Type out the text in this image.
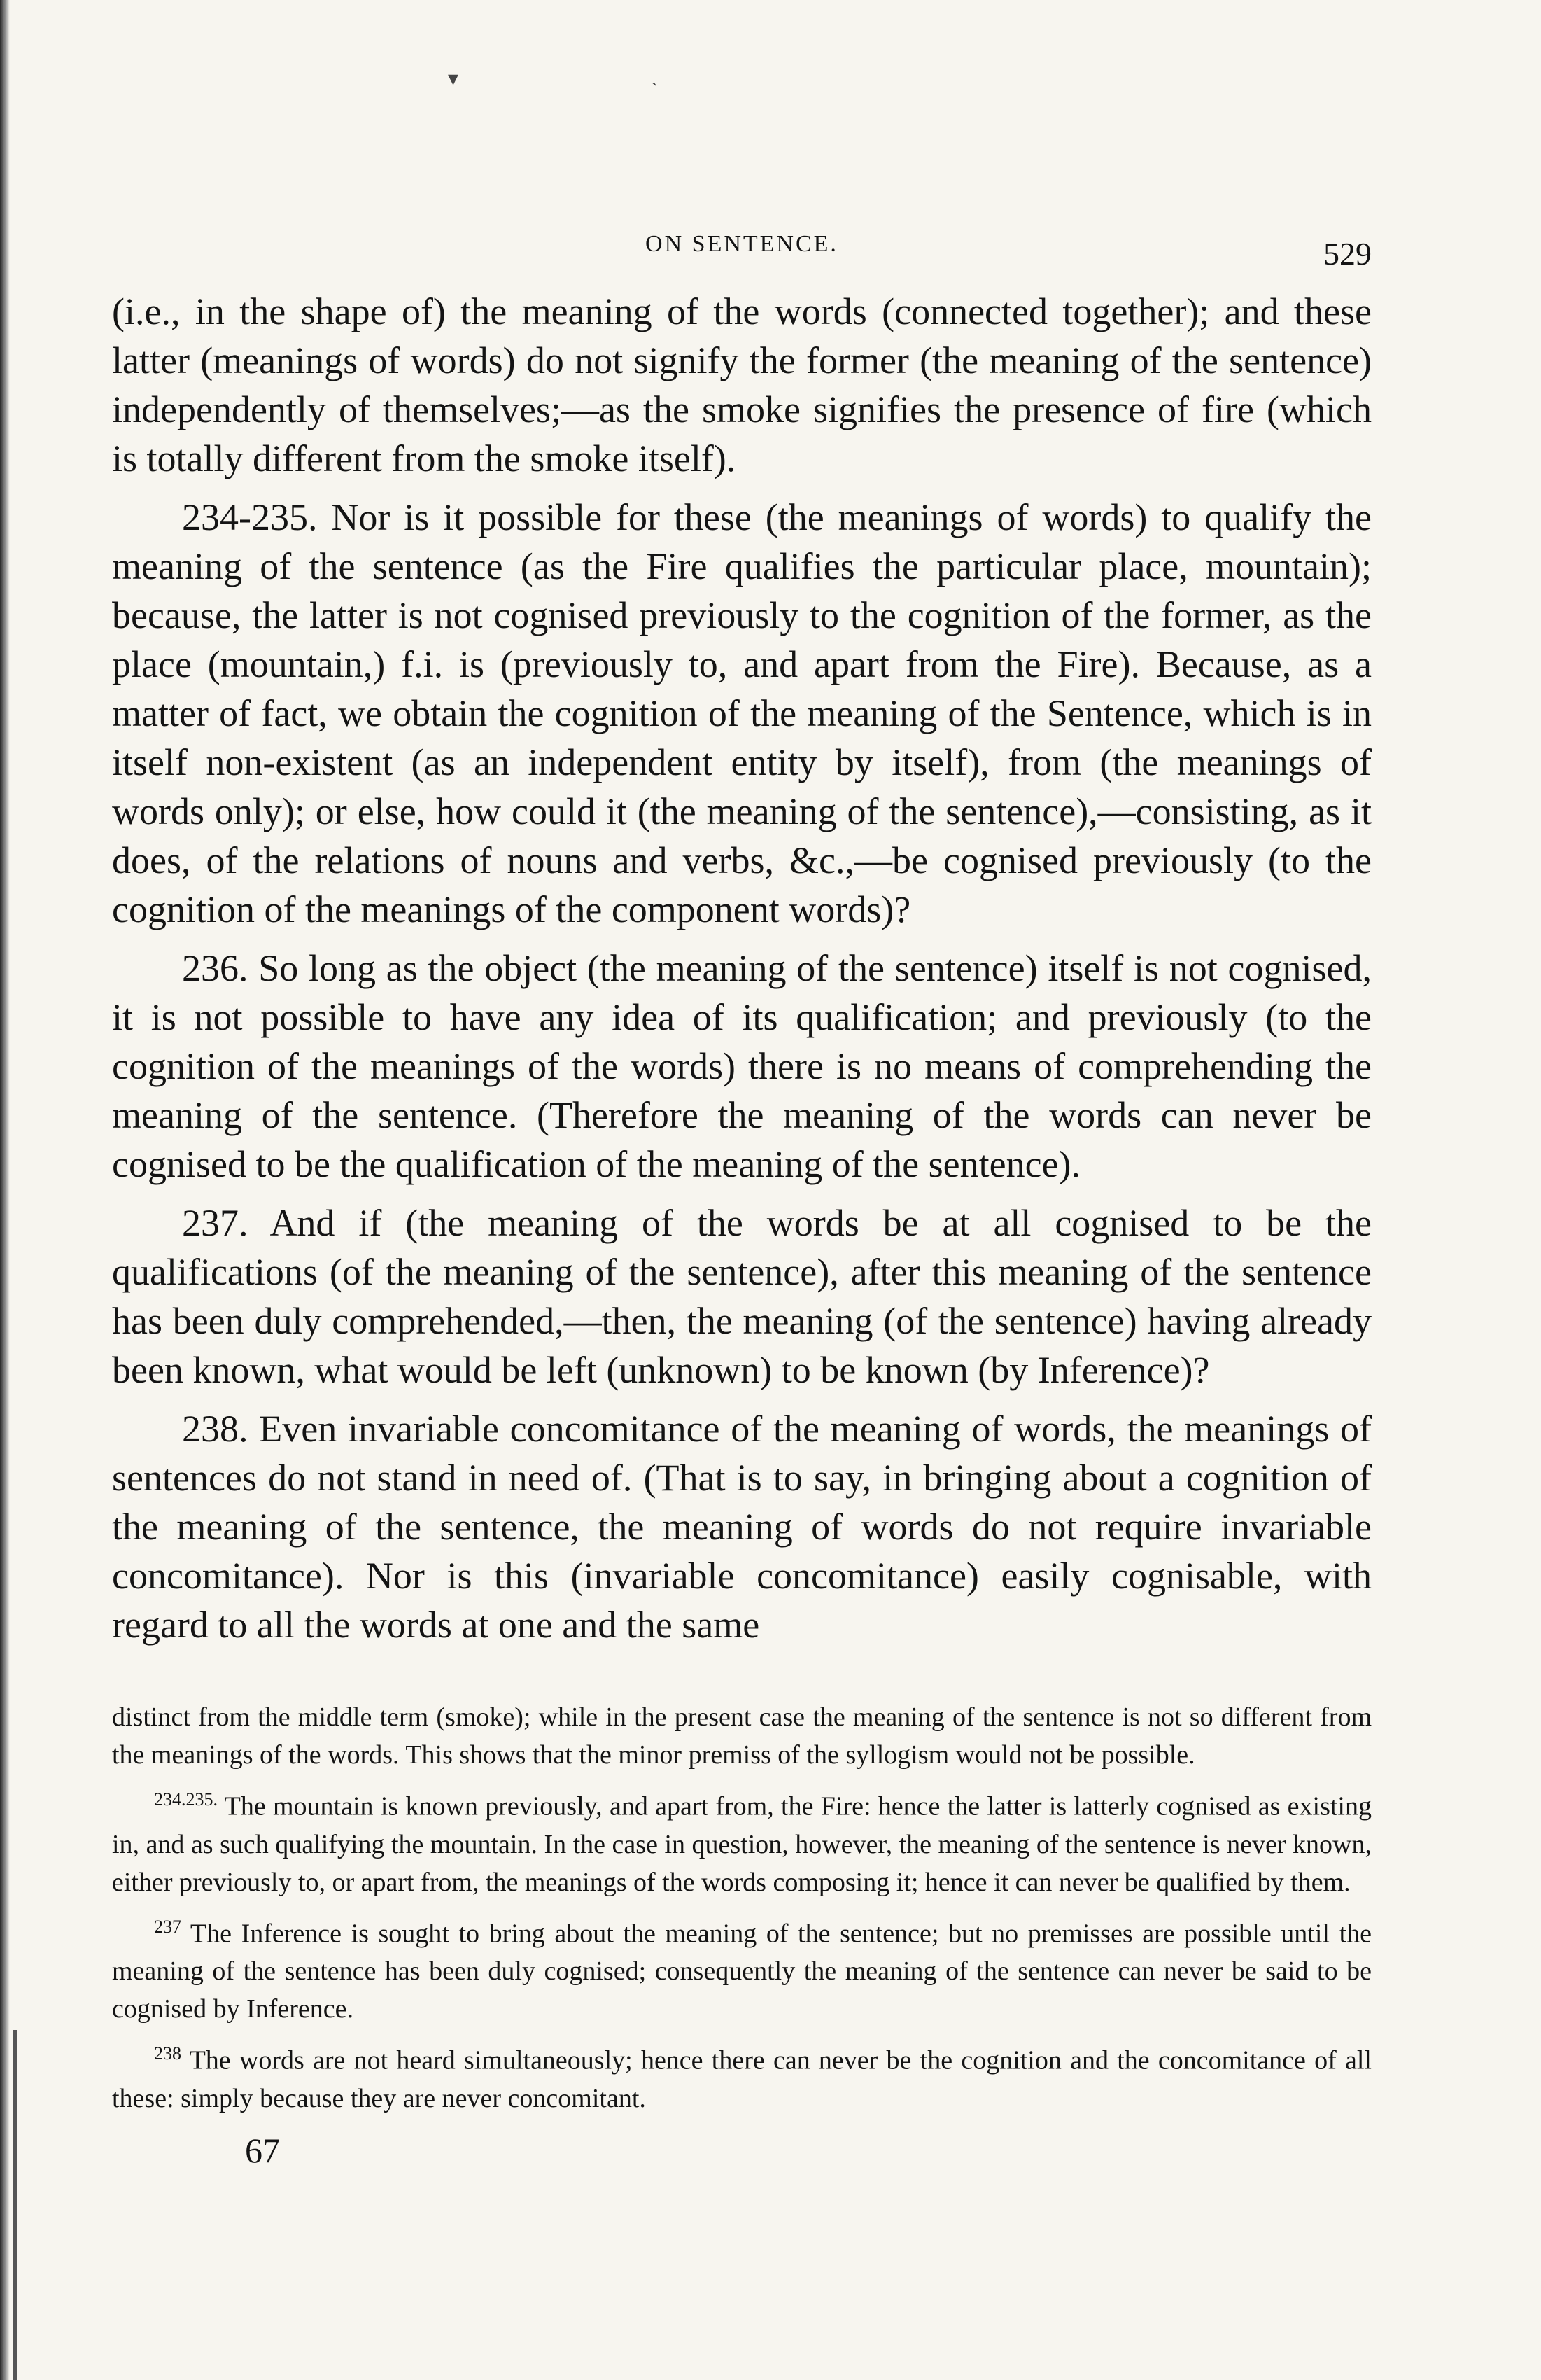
▾	ˏ
ON SENTENCE.	529

(i.e., in the shape of) the meaning of the words (connected together); and these latter (meanings of words) do not signify the former (the meaning of the sentence) independently of themselves;—as the smoke signifies the presence of fire (which is totally different from the smoke itself).

234-235. Nor is it possible for these (the meanings of words) to qualify the meaning of the sentence (as the Fire qualifies the particular place, mountain); because, the latter is not cognised previously to the cognition of the former, as the place (mountain,) f.i. is (previously to, and apart from the Fire). Because, as a matter of fact, we obtain the cognition of the meaning of the Sentence, which is in itself non-existent (as an independent entity by itself), from (the meanings of words only); or else, how could it (the meaning of the sentence),—consisting, as it does, of the relations of nouns and verbs, &c.,—be cognised previously (to the cognition of the meanings of the component words)?

236. So long as the object (the meaning of the sentence) itself is not cognised, it is not possible to have any idea of its qualification; and previously (to the cognition of the meanings of the words) there is no means of comprehending the meaning of the sentence. (Therefore the meaning of the words can never be cognised to be the qualification of the meaning of the sentence).

237. And if (the meaning of the words be at all cognised to be the qualifications (of the meaning of the sentence), after this meaning of the sentence has been duly comprehended,—then, the meaning (of the sentence) having already been known, what would be left (unknown) to be known (by Inference)?

238. Even invariable concomitance of the meaning of words, the meanings of sentences do not stand in need of. (That is to say, in bringing about a cognition of the meaning of the sentence, the meaning of words do not require invariable concomitance). Nor is this (invariable concomitance) easily cognisable, with regard to all the words at one and the same

distinct from the middle term (smoke); while in the present case the meaning of the sentence is not so different from the meanings of the words. This shows that the minor premiss of the syllogism would not be possible.

$^{234.235.}$ The mountain is known previously, and apart from, the Fire: hence the latter is latterly cognised as existing in, and as such qualifying the mountain. In the case in question, however, the meaning of the sentence is never known, either previously to, or apart from, the meanings of the words composing it; hence it can never be qualified by them.

$^{237}$ The Inference is sought to bring about the meaning of the sentence; but no premisses are possible until the meaning of the sentence has been duly cognised; consequently the meaning of the sentence can never be said to be cognised by Inference.

$^{238}$ The words are not heard simultaneously; hence there can never be the cognition and the concomitance of all these: simply because they are never concomitant.

67
